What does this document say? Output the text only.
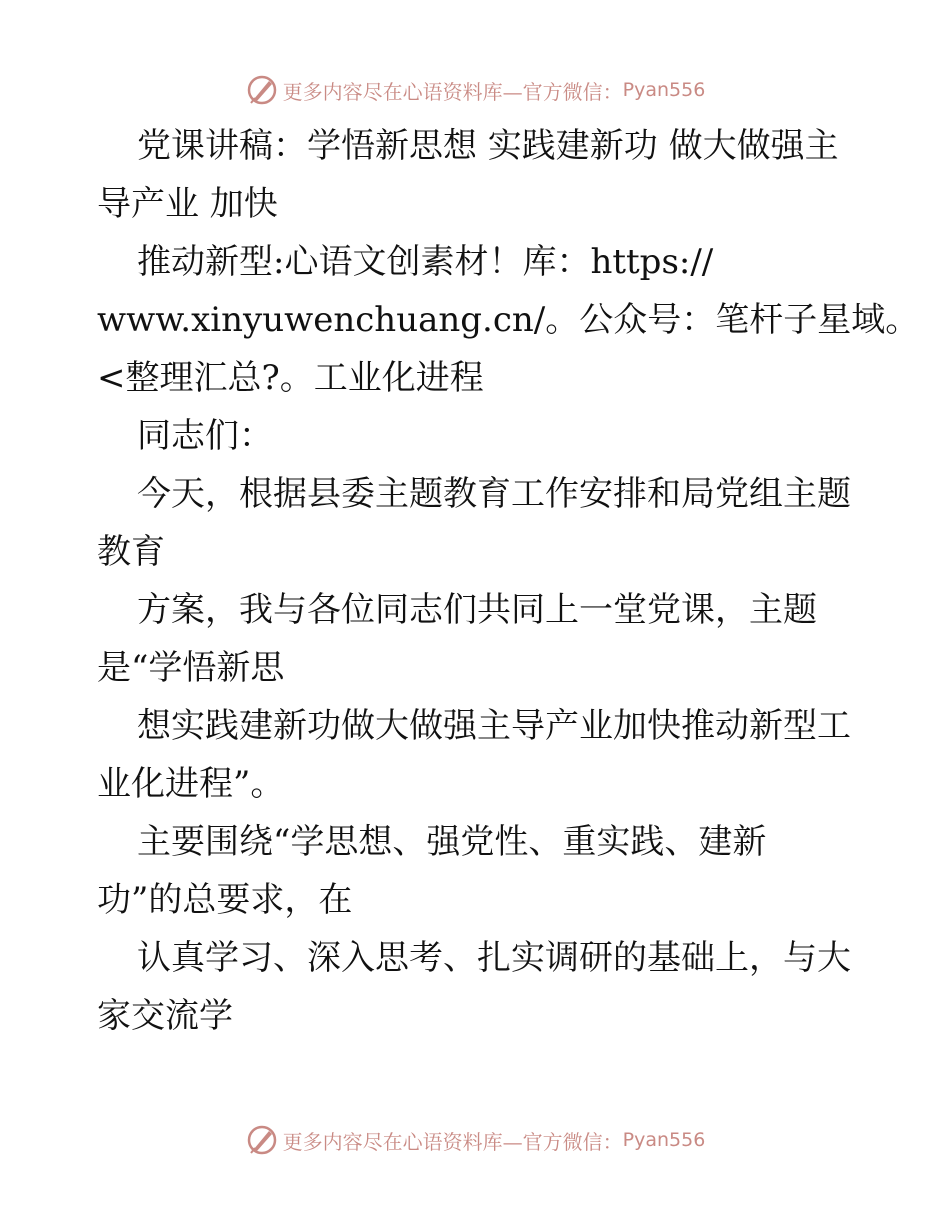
更多内容尽在心语资料库—官方微信： Pyan556
党课讲稿：学悟新思想 实践建新功 做大做强主
导产业 加快
推动新型:心语文创素材！库：https://
www.xinyuwenchuang.cn/。公众号：笔杆子星域。
<整理汇总?。工业化进程
同志们：
今天，根据县委主题教育工作安排和局党组主题
教育
方案，我与各位同志们共同上一堂党课，主题
是“学悟新思
想实践建新功做大做强主导产业加快推动新型工
业化进程”。
主要围绕“学思想、强党性、重实践、建新
功”的总要求，在
认真学习、深入思考、扎实调研的基础上，与大
家交流学
更多内容尽在心语资料库—官方微信： Pyan556
